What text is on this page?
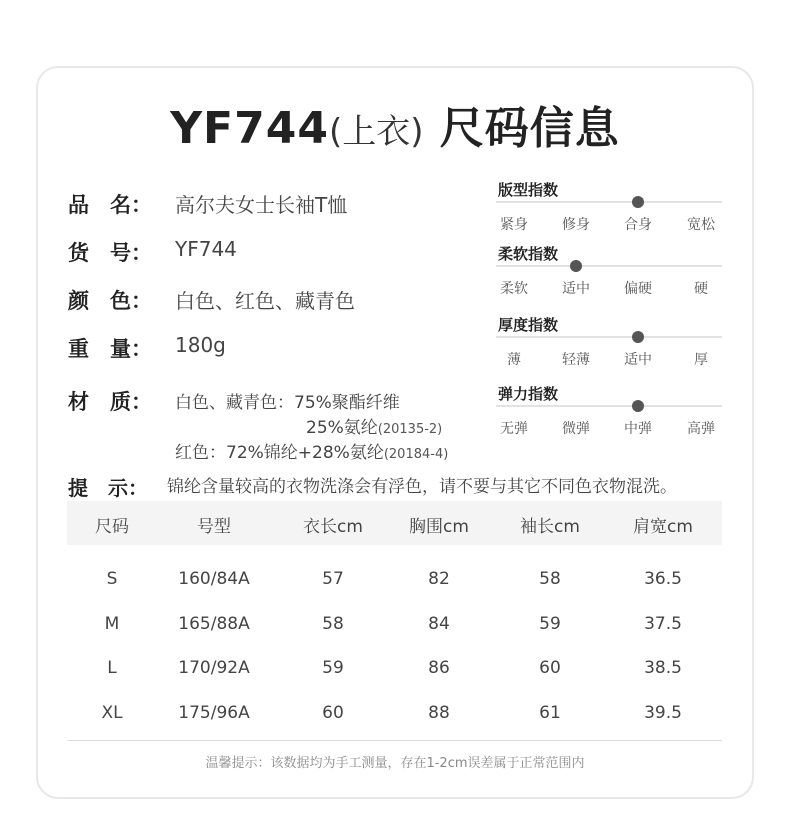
YF744(上衣) 尺码信息
品　名：	高尔夫女士长袖T恤
货　号：	YF744
颜　色：	白色、红色、藏青色
重　量：	180g
材　质：	白色、藏青色：75%聚酯纤维
25%氨纶(20135-2)
红色：72%锦纶+28%氨纶(20184-4)
提　示： 锦纶含量较高的衣物洗涤会有浮色，请不要与其它不同色衣物混洗。
版型指数
紧身 修身 合身	宽松
柔软指数
柔软 适中 偏硬	硬
厚度指数
薄	轻薄 适中	厚
弹力指数
无弹 微弹 中弹	高弹
尺码	号型	衣长cm	胸围cm	袖长cm	肩宽cm
S	160/84A	57	82	58	36.5
M	165/88A	58	84	59	37.5
L	170/92A	59	86	60	38.5
XL	175/96A	60	88	61	39.5
温馨提示：该数据均为手工测量，存在1-2cm误差属于正常范围内
